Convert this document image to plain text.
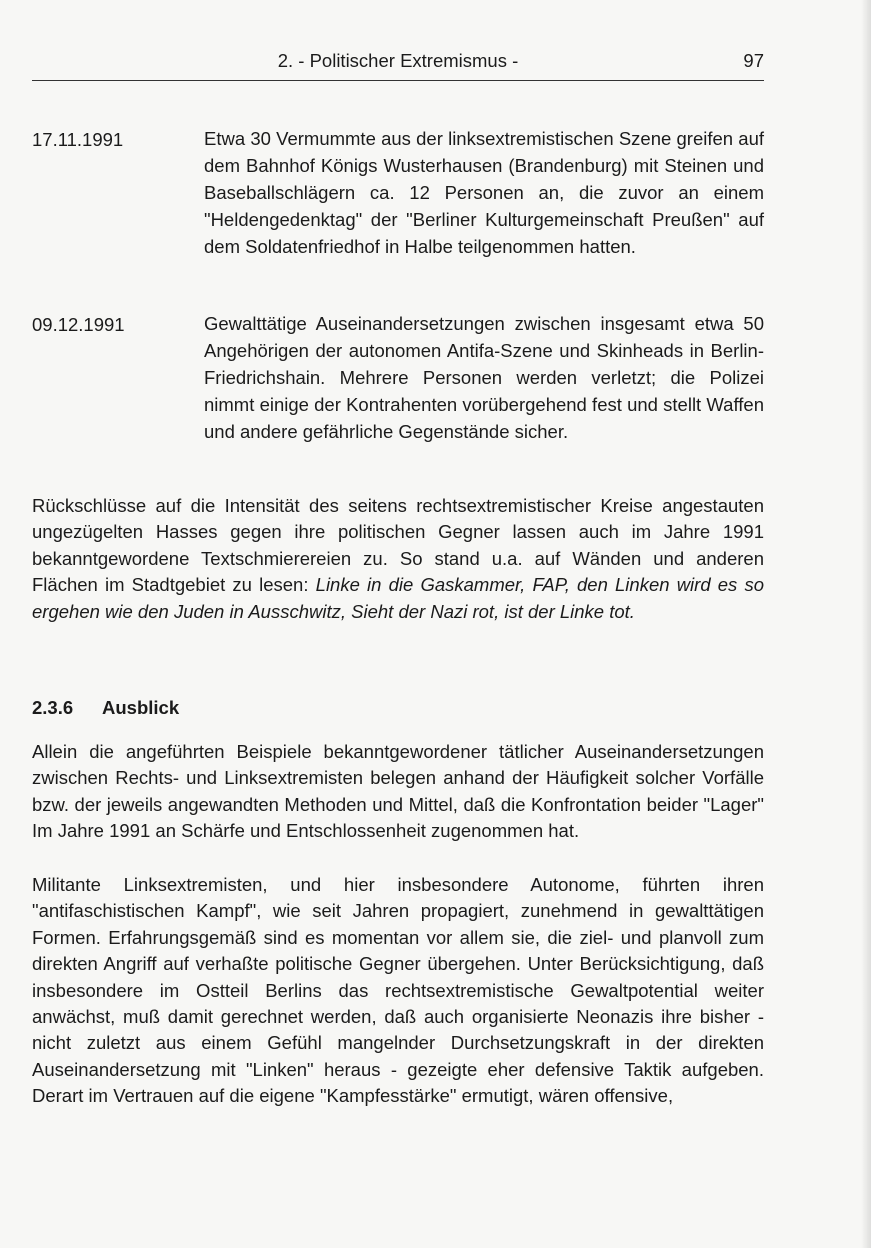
2. - Politischer Extremismus -	97
17.11.1991	Etwa 30 Vermummte aus der linksextremistischen Szene greifen auf dem Bahnhof Königs Wusterhausen (Brandenburg) mit Steinen und Baseballschlägern ca. 12 Personen an, die zuvor an einem "Heldengedenktag" der "Berliner Kulturgemeinschaft Preußen" auf dem Soldatenfriedhof in Halbe teilgenommen hatten.
09.12.1991	Gewalttätige Auseinandersetzungen zwischen insgesamt etwa 50 Angehörigen der autonomen Antifa-Szene und Skinheads in Berlin-Friedrichshain. Mehrere Personen werden verletzt; die Polizei nimmt einige der Kontrahenten vorübergehend fest und stellt Waffen und andere gefährliche Gegenstände sicher.
Rückschlüsse auf die Intensität des seitens rechtsextremistischer Kreise angestauten ungezügelten Hasses gegen ihre politischen Gegner lassen auch im Jahre 1991 bekanntgewordene Textschmierereien zu. So stand u.a. auf Wänden und anderen Flächen im Stadtgebiet zu lesen: Linke in die Gaskammer, FAP, den Linken wird es so ergehen wie den Juden in Ausschwitz, Sieht der Nazi rot, ist der Linke tot.
2.3.6 Ausblick
Allein die angeführten Beispiele bekanntgewordener tätlicher Auseinandersetzungen zwischen Rechts- und Linksextremisten belegen anhand der Häufigkeit solcher Vorfälle bzw. der jeweils angewandten Methoden und Mittel, daß die Konfrontation beider "Lager" Im Jahre 1991 an Schärfe und Entschlossenheit zugenommen hat.
Militante Linksextremisten, und hier insbesondere Autonome, führten ihren "antifaschistischen Kampf", wie seit Jahren propagiert, zunehmend in gewalttätigen Formen. Erfahrungsgemäß sind es momentan vor allem sie, die ziel- und planvoll zum direkten Angriff auf verhaßte politische Gegner übergehen. Unter Berücksichtigung, daß insbesondere im Ostteil Berlins das rechtsextremistische Gewaltpotential weiter anwächst, muß damit gerechnet werden, daß auch organisierte Neonazis ihre bisher - nicht zuletzt aus einem Gefühl mangelnder Durchsetzungskraft in der direkten Auseinandersetzung mit "Linken" heraus - gezeigte eher defensive Taktik aufgeben. Derart im Vertrauen auf die eigene "Kampfesstärke" ermutigt, wären offensive,
